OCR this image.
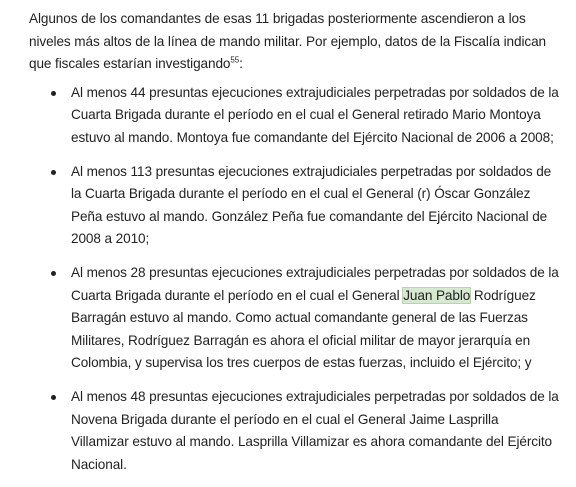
Algunos de los comandantes de esas 11 brigadas posteriormente ascendieron a los niveles más altos de la línea de mando militar. Por ejemplo, datos de la Fiscalía indican que fiscales estarían investigando$^{55}$:

Al menos 44 presuntas ejecuciones extrajudiciales perpetradas por soldados de la Cuarta Brigada durante el período en el cual el General retirado Mario Montoya estuvo al mando. Montoya fue comandante del Ejército Nacional de 2006 a 2008;
Al menos 113 presuntas ejecuciones extrajudiciales perpetradas por soldados de la Cuarta Brigada durante el período en el cual el General (r) Óscar González Peña estuvo al mando. González Peña fue comandante del Ejército Nacional de 2008 a 2010;
Al menos 28 presuntas ejecuciones extrajudiciales perpetradas por soldados de la Cuarta Brigada durante el período en el cual el General Juan Pablo Rodríguez Barragán estuvo al mando. Como actual comandante general de las Fuerzas Militares, Rodríguez Barragán es ahora el oficial militar de mayor jerarquía en Colombia, y supervisa los tres cuerpos de estas fuerzas, incluido el Ejército; y
Al menos 48 presuntas ejecuciones extrajudiciales perpetradas por soldados de la Novena Brigada durante el período en el cual el General Jaime Lasprilla Villamizar estuvo al mando. Lasprilla Villamizar es ahora comandante del Ejército Nacional.
